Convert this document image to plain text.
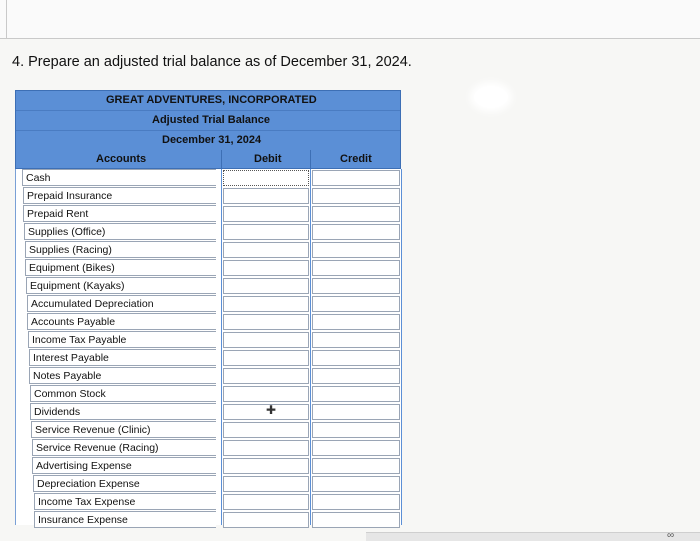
4. Prepare an adjusted trial balance as of December 31, 2024.
GREAT ADVENTURES, INCORPORATED
Adjusted Trial Balance
December 31, 2024
Accounts	Debit	Credit
Cash
Prepaid Insurance
Prepaid Rent
Supplies (Office)
Supplies (Racing)
Equipment (Bikes)
Equipment (Kayaks)
Accumulated Depreciation
Accounts Payable
Income Tax Payable
Interest Payable
Notes Payable
Common Stock
Dividends	✚
Service Revenue (Clinic)
Service Revenue (Racing)
Advertising Expense
Depreciation Expense
Income Tax Expense
Insurance Expense
∞
